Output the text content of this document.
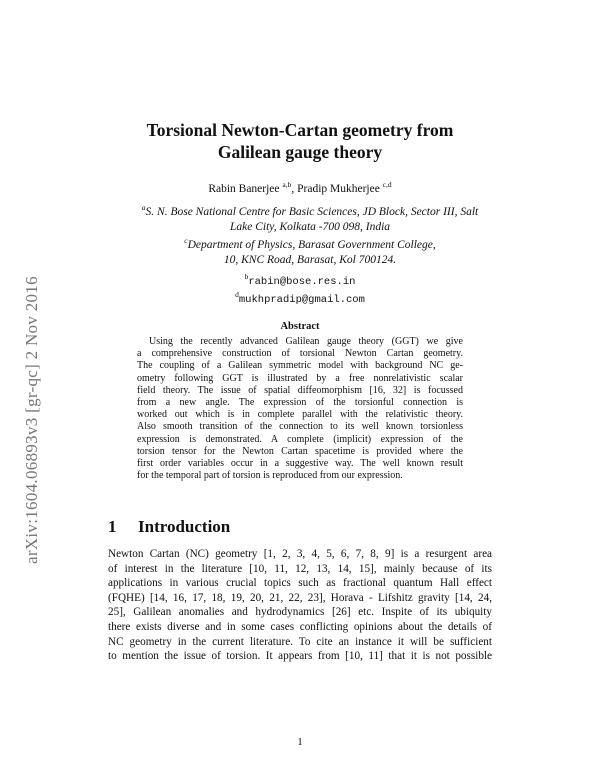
arXiv:1604.06893v3 [gr-qc] 2 Nov 2016
Torsional Newton-Cartan geometry from
Galilean gauge theory
Rabin Banerjee $^{a,b}$, Pradip Mukherjee $^{c,d}$
$^a$S. N. Bose National Centre for Basic Sciences, JD Block, Sector III, Salt
Lake City, Kolkata -700 098, India
$^c$Department of Physics, Barasat Government College,
10, KNC Road, Barasat, Kol 700124.
$^b$rabin@bose.res.in
$^d$mukhpradip@gmail.com
Abstract
Using the recently advanced Galilean gauge theory (GGT) we give
a comprehensive construction of torsional Newton Cartan geometry.
The coupling of a Galilean symmetric model with background NC ge-
ometry following GGT is illustrated by a free nonrelativistic scalar
field theory. The issue of spatial diffeomorphism [16, 32] is focussed
from a new angle. The expression of the torsionful connection is
worked out which is in complete parallel with the relativistic theory.
Also smooth transition of the connection to its well known torsionless
expression is demonstrated. A complete (implicit) expression of the
torsion tensor for the Newton Cartan spacetime is provided where the
first order variables occur in a suggestive way. The well known result
for the temporal part of torsion is reproduced from our expression.
1 Introduction
Newton Cartan (NC) geometry [1, 2, 3, 4, 5, 6, 7, 8, 9] is a resurgent area
of interest in the literature [10, 11, 12, 13, 14, 15], mainly because of its
applications in various crucial topics such as fractional quantum Hall effect
(FQHE) [14, 16, 17, 18, 19, 20, 21, 22, 23], Horava - Lifshitz gravity [14, 24,
25], Galilean anomalies and hydrodynamics [26] etc. Inspite of its ubiquity
there exists diverse and in some cases conflicting opinions about the details of
NC geometry in the current literature. To cite an instance it will be sufficient
to mention the issue of torsion. It appears from [10, 11] that it is not possible
1
